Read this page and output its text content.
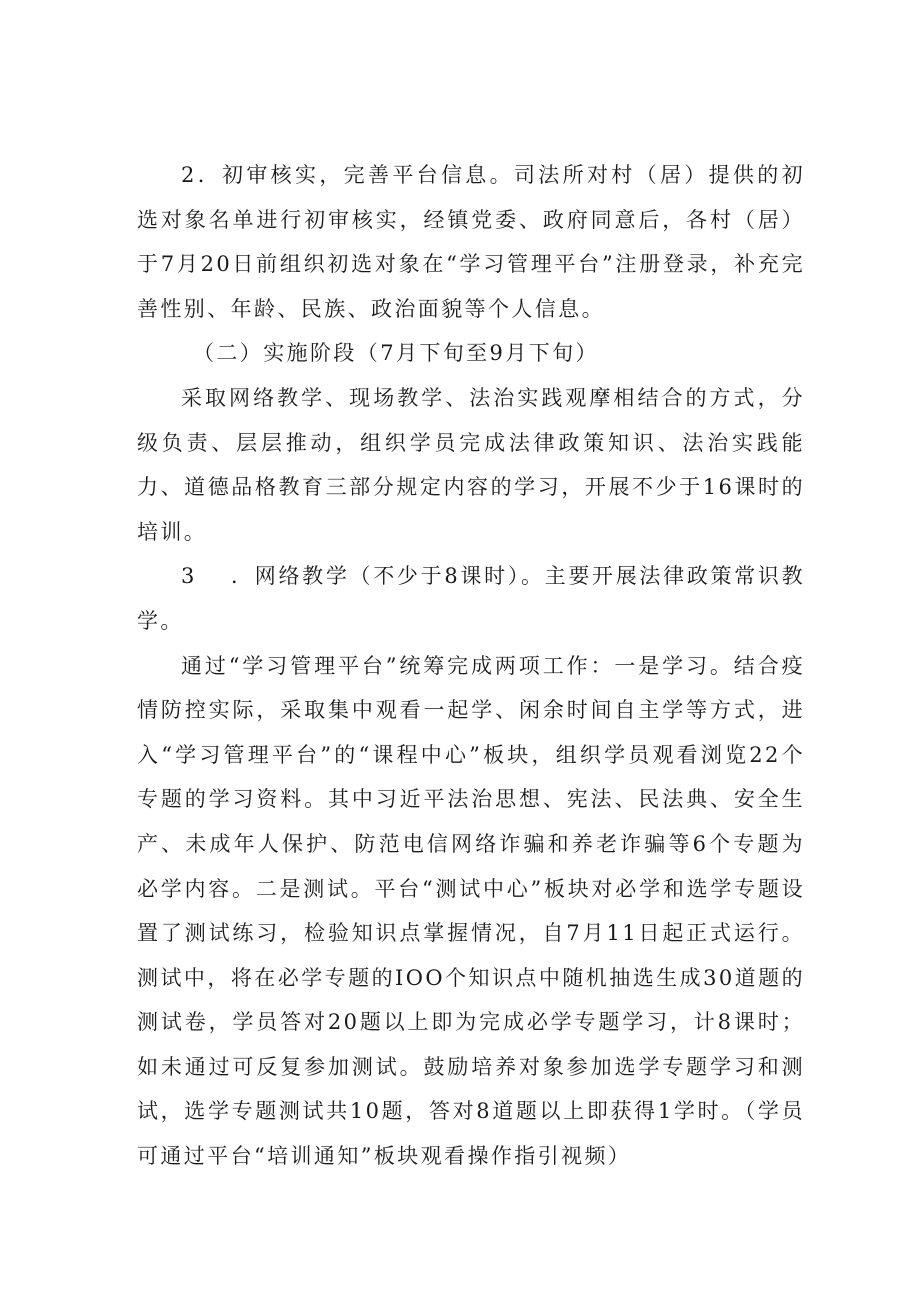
2．初审核实，完善平台信息。司法所对村（居）提供的初选对象名单进行初审核实，经镇党委、政府同意后，各村（居）于7月20日前组织初选对象在“学习管理平台”注册登录，补充完善性别、年龄、民族、政治面貌等个人信息。

（二）实施阶段（7月下旬至9月下旬）

采取网络教学、现场教学、法治实践观摩相结合的方式，分级负责、层层推动，组织学员完成法律政策知识、法治实践能力、道德品格教育三部分规定内容的学习，开展不少于16课时的培训。

3 ．网络教学（不少于8课时）。主要开展法律政策常识教学。

通过“学习管理平台”统筹完成两项工作：一是学习。结合疫情防控实际，采取集中观看一起学、闲余时间自主学等方式，进入“学习管理平台”的“课程中心”板块，组织学员观看浏览22个专题的学习资料。其中习近平法治思想、宪法、民法典、安全生产、未成年人保护、防范电信网络诈骗和养老诈骗等6个专题为必学内容。二是测试。平台“测试中心”板块对必学和选学专题设置了测试练习，检验知识点掌握情况，自7月11日起正式运行。测试中，将在必学专题的IOO个知识点中随机抽选生成30道题的测试卷，学员答对20题以上即为完成必学专题学习，计8课时；如未通过可反复参加测试。鼓励培养对象参加选学专题学习和测试，选学专题测试共10题，答对8道题以上即获得1学时。（学员可通过平台“培训通知”板块观看操作指引视频）
